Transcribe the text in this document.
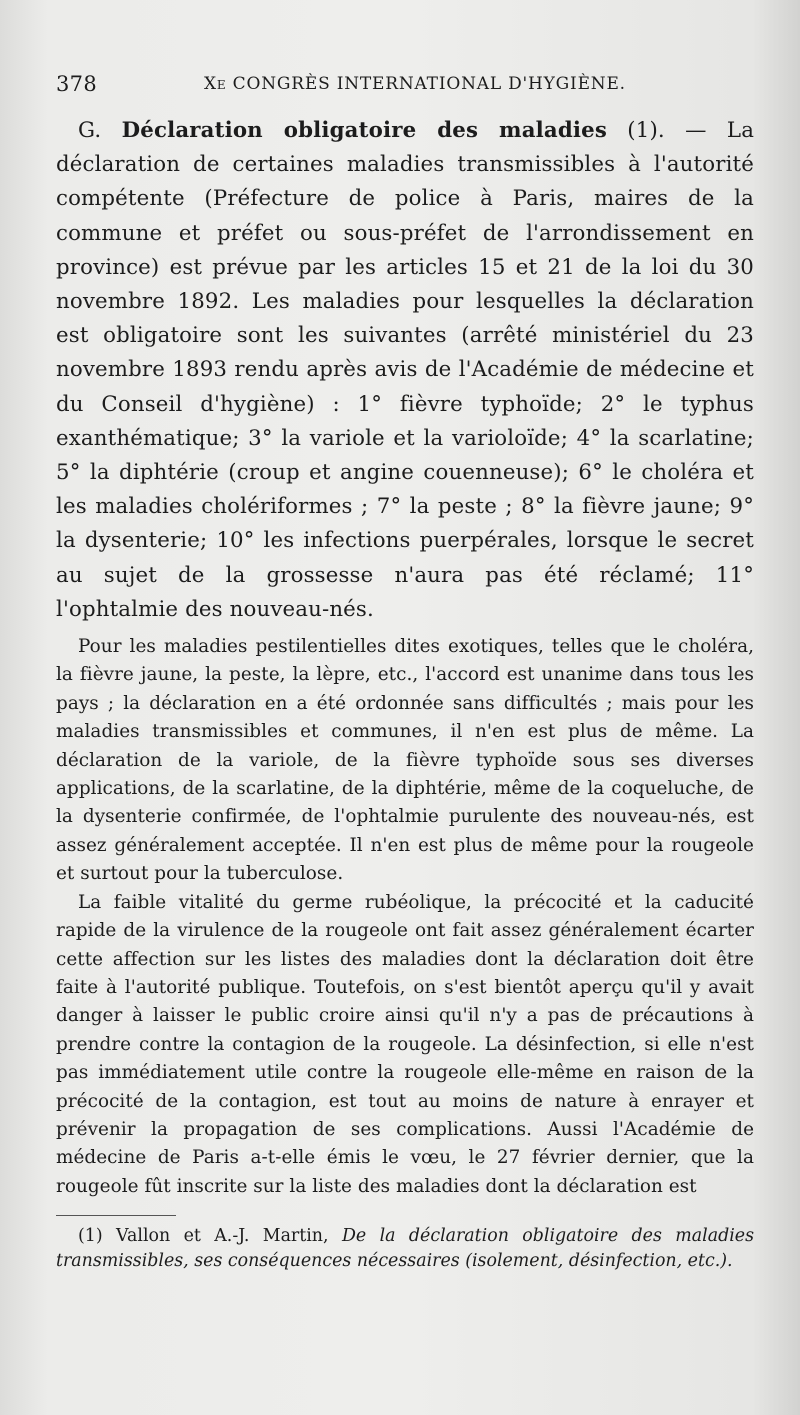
378	Xe CONGRÈS INTERNATIONAL D'HYGIÈNE.

G. Déclaration obligatoire des maladies (1). — La déclaration de certaines maladies transmissibles à l'autorité compétente (Préfecture de police à Paris, maires de la commune et préfet ou sous-préfet de l'arrondissement en province) est prévue par les articles 15 et 21 de la loi du 30 novembre 1892. Les maladies pour lesquelles la déclaration est obligatoire sont les suivantes (arrêté ministériel du 23 novembre 1893 rendu après avis de l'Académie de médecine et du Conseil d'hygiène) : 1° fièvre typhoïde; 2° le typhus exanthématique; 3° la variole et la varioloïde; 4° la scarlatine; 5° la diphtérie (croup et angine couenneuse); 6° le choléra et les maladies cholériformes ; 7° la peste ; 8° la fièvre jaune; 9° la dysenterie; 10° les infections puerpérales, lorsque le secret au sujet de la grossesse n'aura pas été réclamé; 11° l'ophtalmie des nouveau-nés.

Pour les maladies pestilentielles dites exotiques, telles que le choléra, la fièvre jaune, la peste, la lèpre, etc., l'accord est unanime dans tous les pays ; la déclaration en a été ordonnée sans difficultés ; mais pour les maladies transmissibles et communes, il n'en est plus de même. La déclaration de la variole, de la fièvre typhoïde sous ses diverses applications, de la scarlatine, de la diphtérie, même de la coqueluche, de la dysenterie confirmée, de l'ophtalmie purulente des nouveau-nés, est assez généralement acceptée. Il n'en est plus de même pour la rougeole et surtout pour la tuberculose.

La faible vitalité du germe rubéolique, la précocité et la caducité rapide de la virulence de la rougeole ont fait assez généralement écarter cette affection sur les listes des maladies dont la déclaration doit être faite à l'autorité publique. Toutefois, on s'est bientôt aperçu qu'il y avait danger à laisser le public croire ainsi qu'il n'y a pas de précautions à prendre contre la contagion de la rougeole. La désinfection, si elle n'est pas immédiatement utile contre la rougeole elle-même en raison de la précocité de la contagion, est tout au moins de nature à enrayer et prévenir la propagation de ses complications. Aussi l'Académie de médecine de Paris a-t-elle émis le vœu, le 27 février dernier, que la rougeole fût inscrite sur la liste des maladies dont la déclaration est

(1) Vallon et A.-J. Martin, De la déclaration obligatoire des maladies transmissibles, ses conséquences nécessaires (isolement, désinfection, etc.).
